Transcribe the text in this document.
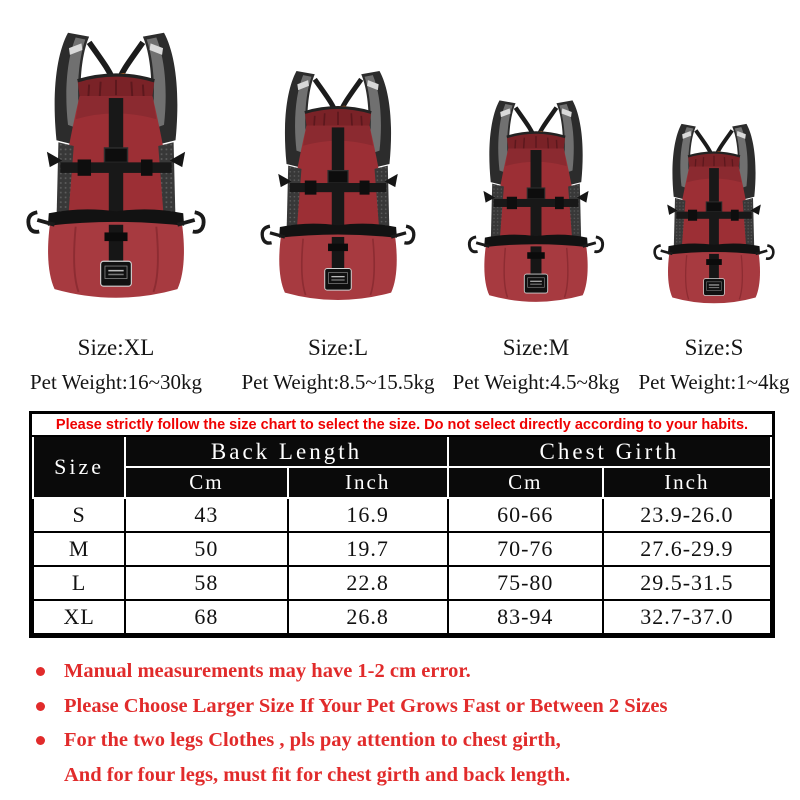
Size:XL
Pet Weight:16~30kg
Size:L
Pet Weight:8.5~15.5kg
Size:M
Pet Weight:4.5~8kg
Size:S
Pet Weight:1~4kg
Please strictly follow the size chart to select the size. Do not select directly according to your habits.				
Size	Back Length		Chest Girth	
	Cm	Inch	Cm	Inch
S	43	16.9	60-66	23.9-26.0
M	50	19.7	70-76	27.6-29.9
L	58	22.8	75-80	29.5-31.5
XL	68	26.8	83-94	32.7-37.0
Manual measurements may have 1-2 cm error.
Please Choose Larger Size If Your Pet Grows Fast or Between 2 Sizes
For the two legs Clothes , pls pay attention to chest girth,
And for four legs, must fit for chest girth and back length.
